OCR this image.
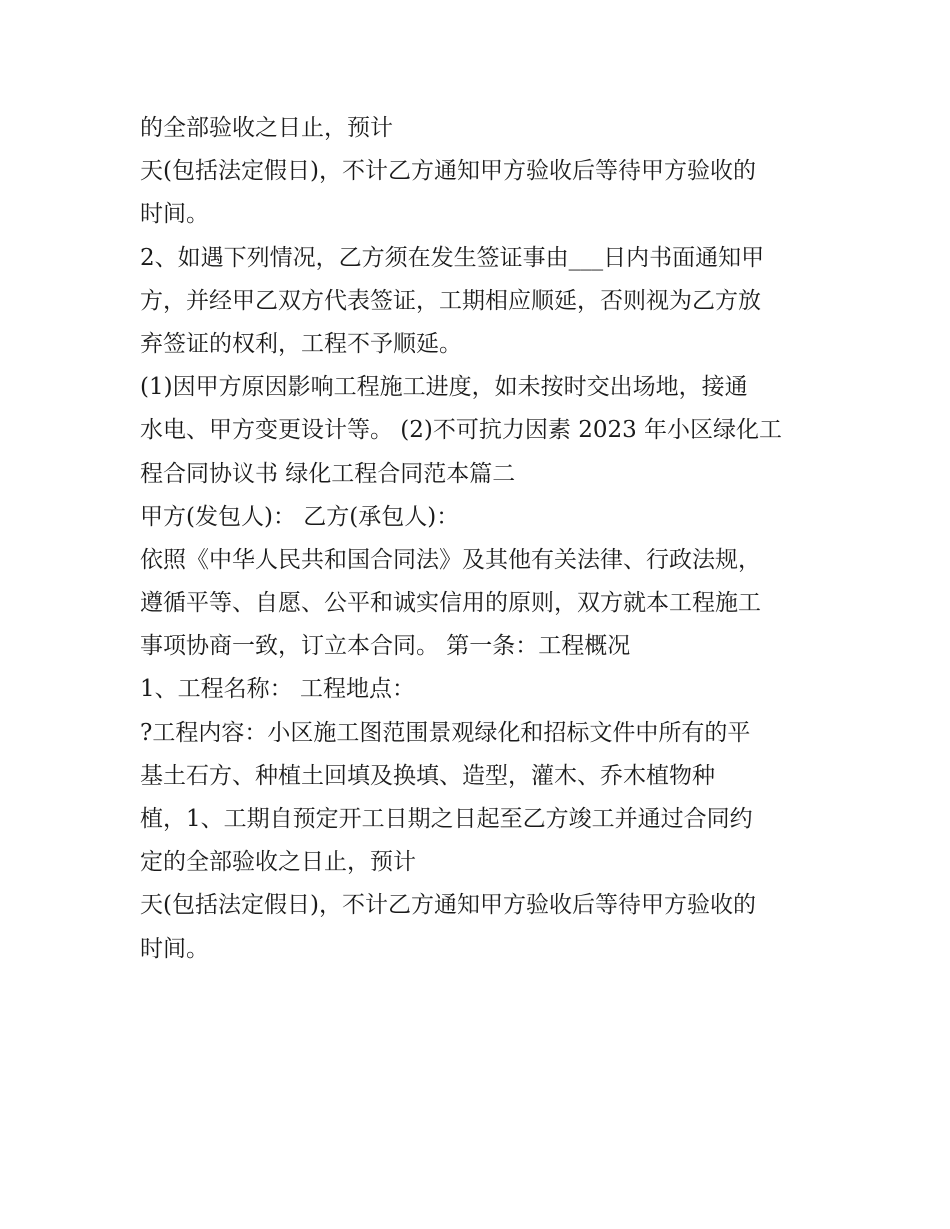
的全部验收之日止，预计
天(包括法定假日)，不计乙方通知甲方验收后等待甲方验收的
时间。
2、如遇下列情况，乙方须在发生签证事由___日内书面通知甲
方，并经甲乙双方代表签证，工期相应顺延，否则视为乙方放
弃签证的权利，工程不予顺延。
(1)因甲方原因影响工程施工进度，如未按时交出场地，接通
水电、甲方变更设计等。 (2)不可抗力因素 2023 年小区绿化工
程合同协议书 绿化工程合同范本篇二
甲方(发包人)： 乙方(承包人)：
依照《中华人民共和国合同法》及其他有关法律、行政法规，
遵循平等、自愿、公平和诚实信用的原则，双方就本工程施工
事项协商一致，订立本合同。 第一条：工程概况
1、工程名称： 工程地点：
?工程内容：小区施工图范围景观绿化和招标文件中所有的平
基土石方、种植土回填及换填、造型，灌木、乔木植物种
植，1、工期自预定开工日期之日起至乙方竣工并通过合同约
定的全部验收之日止，预计
天(包括法定假日)，不计乙方通知甲方验收后等待甲方验收的
时间。
